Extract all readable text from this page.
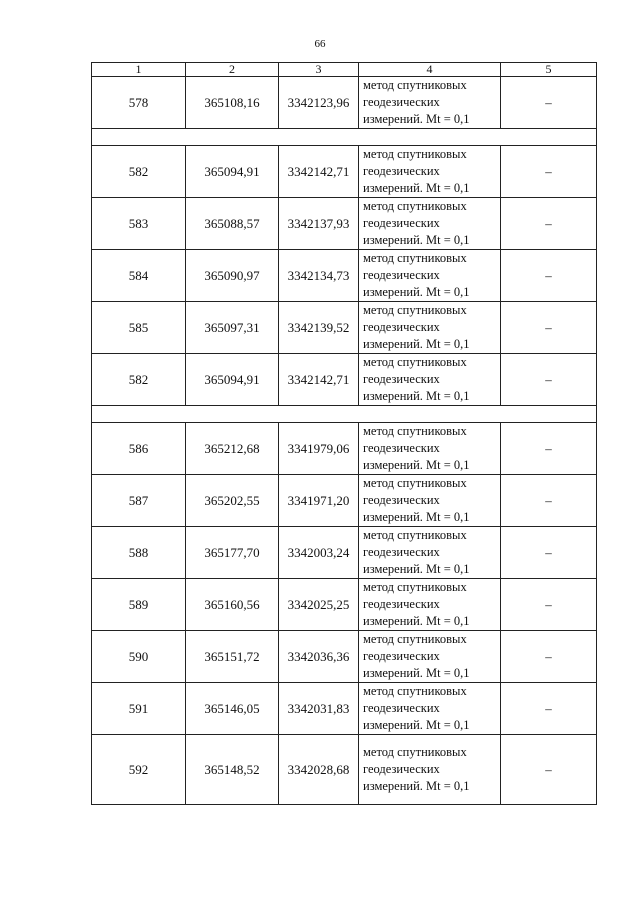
66
1	2	3	4	5
578	365108,16	3342123,96	метод спутниковых
геодезических
измерений. Mt = 0,1	–

582	365094,91	3342142,71	метод спутниковых
геодезических
измерений. Mt = 0,1	–
583	365088,57	3342137,93	метод спутниковых
геодезических
измерений. Mt = 0,1	–
584	365090,97	3342134,73	метод спутниковых
геодезических
измерений. Mt = 0,1	–
585	365097,31	3342139,52	метод спутниковых
геодезических
измерений. Mt = 0,1	–
582	365094,91	3342142,71	метод спутниковых
геодезических
измерений. Mt = 0,1	–

586	365212,68	3341979,06	метод спутниковых
геодезических
измерений. Mt = 0,1	–
587	365202,55	3341971,20	метод спутниковых
геодезических
измерений. Mt = 0,1	–
588	365177,70	3342003,24	метод спутниковых
геодезических
измерений. Mt = 0,1	–
589	365160,56	3342025,25	метод спутниковых
геодезических
измерений. Mt = 0,1	–
590	365151,72	3342036,36	метод спутниковых
геодезических
измерений. Mt = 0,1	–
591	365146,05	3342031,83	метод спутниковых
геодезических
измерений. Mt = 0,1	–
592	365148,52	3342028,68	метод спутниковых
геодезических
измерений. Mt = 0,1	–
